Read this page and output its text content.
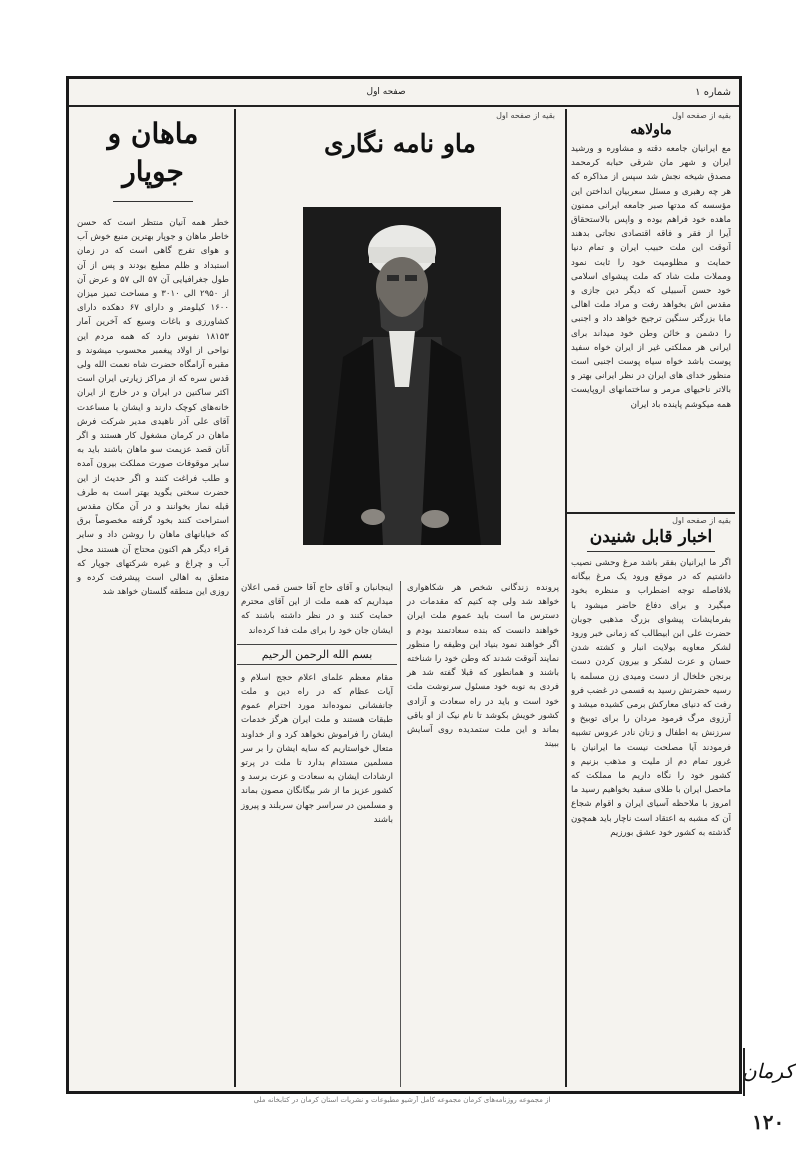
شماره ۱
صفحه اول
بقیه از صفحه اول
ماولاهه
مع ایرانیان جامعه دقته و مشاوره و ورشید ایران و شهر مان شرقی حبابه کرمحمد مصدق شیخه نجش شد سپس از مذاکره که هر چه رهبری و مسئل سعربیان انداختن این مؤسسه که مدتها صبر جامعه ایرانی ممنون ماهده خود فراهم بوده و واپس بالاستحقاق آیرا از فقر و فاقه اقتصادی نجاتی بدهند آنوقت این ملت حبیب ایران و تمام دنیا حمایت و مظلومیت خود را ثابت نمود ومملات ملت شاد که ملت پیشوای اسلامی خود حسن آسبیلی که دیگر دین جازی و مقدس اش بخواهد رفت و مراد ملت اهالی مابا بزرگتر سنگین ترجیح خواهد داد و اجنبی را دشمن و خائن وطن خود میداند برای ایرانی هر مملکتی غیر از ایران خواه سفید پوست باشد خواه سیاه پوست اجنبی است منظور خدای های ایران در نظر ایرانی بهتر و بالاتر ناحیهای مرمر و ساختمانهای اروپایست همه میکوشم پاینده باد ایران
بقیه از صفحه اول
اخبار قابل شنیدن
اگر ما ایرانیان بفقر باشد مرغ وحشی نصیب داشتیم که در موقع ورود یک مرغ بیگانه بلافاصله توجه اضطراب و منظره بخود میگیرد و برای دفاع حاضر میشود با بفرمایشات پیشوای بزرگ مذهبی جوبان حضرت علی ابن ابیطالب که زمانی خبر ورود لشکر معاویه بولایت انبار و کشته شدن حسان و عزت لشکر و بیرون کردن دست برنجن خلخال از دست ومیدی زن مسلمه با رسیه حضرتش رسید به قسمی در غضب فرو رفت که دنیای معارکش برمی کشیده میشد و آرزوی مرگ فرمود مردان را برای توبیخ و سرزنش به اطفال و زنان نادر عروس تشبیه فرمودند آیا مصلحت نیست ما ایرانیان با غرور تمام دم از ملیت و مذهب بزنیم و کشور خود را نگاه داریم ما مملکت که ماحصل ایران با طلای سفید بخواهیم رسید ما امروز با ملاحظه آسیای ایران و اقوام شجاع آن که مشبه به اعتقاد است ناچار باید همچون گذشته به کشور خود عشق بورزیم
بقیه از صفحه اول
ماو نامه نگاری
پرونده زندگانی شخص هر شکاهواری خواهد شد ولی چه کنیم که مقدمات در دسترس ما است باید عموم ملت ایران خواهند دانست که بنده سعادتمند بودم و اگر خواهند نمود بنیاد این وظیفه را منظور نمایند آنوقت شدند که وطن خود را شناخته باشند و همانطور که قبلا گفته شد هر فردی به نوبه خود مسئول سرنوشت ملت خود است و باید در راه سعادت و آزادی کشور خویش بکوشد تا نام نیک از او باقی بماند و این ملت ستمدیده روی آسایش ببیند
اینجانبان و آقای حاج آقا حسن قمی اعلان میداریم که همه ملت از این آقای محترم حمایت کنند و در نظر داشته باشند که ایشان جان خود را برای ملت فدا کرده‌اند
بسم الله الرحمن الرحیم
مقام معظم علمای اعلام حجج اسلام و آیات عظام که در راه دین و ملت جانفشانی نموده‌اند مورد احترام عموم طبقات هستند و ملت ایران هرگز خدمات ایشان را فراموش نخواهد کرد و از خداوند متعال خواستاریم که سایه ایشان را بر سر مسلمین مستدام بدارد تا ملت در پرتو ارشادات ایشان به سعادت و عزت برسد و کشور عزیز ما از شر بیگانگان مصون بماند و مسلمین در سراسر جهان سربلند و پیروز باشند
ماهان و
جوپار
خطر همه آنیان منتظر است که حسن خاطر ماهان و جوپار بهترین منبع خوش آب و هوای تفرج گاهی است که در زمان استبداد و ظلم مطیع بودند و پس از آن طول جغرافیایی آن ۵۷ الی ۵۷ و عرض آن از ۲۹۵۰ الی ۳۰۱۰ و مساحت تمیز میزان ۱۶۰۰ کیلومتر و دارای ۶۷ دهکده دارای کشاورزی و باغات وسیع که آخرین آمار ۱۸۱۵۳ نفوس دارد که همه مردم این نواحی از اولاد پیغمبر محسوب میشوند و مقبره آرامگاه حضرت شاه نعمت الله ولی قدس سره که از مراکز زیارتی ایران است اکثر ساکنین در ایران و در خارج از ایران خانه‌های کوچک دارند و ایشان با مساعدت آقای علی آذر ناهیدی مدیر شرکت فرش ماهان در کرمان مشغول کار هستند و اگر آنان قصد عزیمت سو ماهان باشند باید به سایر موقوفات صورت مملکت بیرون آمده و طلب فراغت کنند و اگر حدیث از این حضرت سخنی بگوید بهتر است به طرف قبله نماز بخوانند و در آن مکان مقدس استراحت کنند بخود گرفته مخصوصاً برق که خیابانهای ماهان را روشن داد و سایر قراء دیگر هم اکنون محتاج آن هستند محل آب و چراغ و غیره شرکتهای جوپار که متعلق به اهالی است پیشرفت کرده و روزی این منطقه گلستان خواهد شد
از مجموعه روزنامه‌های کرمان مجموعه کامل آرشیو مطبوعات و نشریات استان کرمان در کتابخانه ملی
کرمان
۱۲۰
